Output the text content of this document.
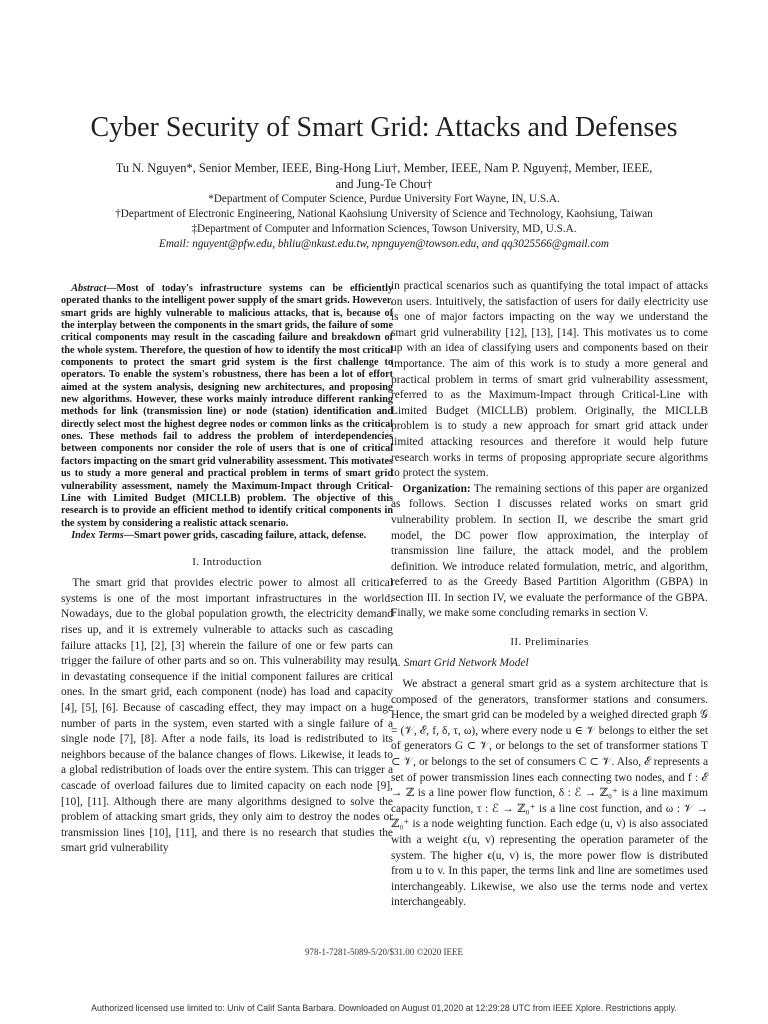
Cyber Security of Smart Grid: Attacks and Defenses
Tu N. Nguyen*, Senior Member, IEEE, Bing-Hong Liu†, Member, IEEE, Nam P. Nguyen‡, Member, IEEE,
and Jung-Te Chou†
*Department of Computer Science, Purdue University Fort Wayne, IN, U.S.A.
†Department of Electronic Engineering, National Kaohsiung University of Science and Technology, Kaohsiung, Taiwan
‡Department of Computer and Information Sciences, Towson University, MD, U.S.A.
Email: nguyent@pfw.edu, bhliu@nkust.edu.tw, npnguyen@towson.edu, and qq3025566@gmail.com

Abstract—Most of today's infrastructure systems can be efficiently operated thanks to the intelligent power supply of the smart grids. However, smart grids are highly vulnerable to malicious attacks, that is, because of the interplay between the components in the smart grids, the failure of some critical components may result in the cascading failure and breakdown of the whole system. Therefore, the question of how to identify the most critical components to protect the smart grid system is the first challenge to operators. To enable the system's robustness, there has been a lot of effort aimed at the system analysis, designing new architectures, and proposing new algorithms. However, these works mainly introduce different ranking methods for link (transmission line) or node (station) identification and directly select most the highest degree nodes or common links as the critical ones. These methods fail to address the problem of interdependencies between components nor consider the role of users that is one of critical factors impacting on the smart grid vulnerability assessment. This motivates us to study a more general and practical problem in terms of smart grid vulnerability assessment, namely the Maximum-Impact through Critical-Line with Limited Budget (MICLLB) problem. The objective of this research is to provide an efficient method to identify critical components in the system by considering a realistic attack scenario.

Index Terms—Smart power grids, cascading failure, attack, defense.

I. Introduction

The smart grid that provides electric power to almost all critical systems is one of the most important infrastructures in the world. Nowadays, due to the global population growth, the electricity demand rises up, and it is extremely vulnerable to attacks such as cascading failure attacks [1], [2], [3] wherein the failure of one or few parts can trigger the failure of other parts and so on. This vulnerability may result in devastating consequence if the initial component failures are critical ones. In the smart grid, each component (node) has load and capacity [4], [5], [6]. Because of cascading effect, they may impact on a huge number of parts in the system, even started with a single failure of a single node [7], [8]. After a node fails, its load is redistributed to its neighbors because of the balance changes of flows. Likewise, it leads to a global redistribution of loads over the entire system. This can trigger a cascade of overload failures due to limited capacity on each node [9], [10], [11]. Although there are many algorithms designed to solve the problem of attacking smart grids, they only aim to destroy the nodes or transmission lines [10], [11], and there is no research that studies the smart grid vulnerability

in practical scenarios such as quantifying the total impact of attacks on users. Intuitively, the satisfaction of users for daily electricity use is one of major factors impacting on the way we understand the smart grid vulnerability [12], [13], [14]. This motivates us to come up with an idea of classifying users and components based on their importance. The aim of this work is to study a more general and practical problem in terms of smart grid vulnerability assessment, referred to as the Maximum-Impact through Critical-Line with Limited Budget (MICLLB) problem. Originally, the MICLLB problem is to study a new approach for smart grid attack under limited attacking resources and therefore it would help future research works in terms of proposing appropriate secure algorithms to protect the system.

Organization: The remaining sections of this paper are organized as follows. Section I discusses related works on smart grid vulnerability problem. In section II, we describe the smart grid model, the DC power flow approximation, the interplay of transmission line failure, the attack model, and the problem definition. We introduce related formulation, metric, and algorithm, referred to as the Greedy Based Partition Algorithm (GBPA) in section III. In section IV, we evaluate the performance of the GBPA. Finally, we make some concluding remarks in section V.

II. Preliminaries
A. Smart Grid Network Model

We abstract a general smart grid as a system architecture that is composed of the generators, transformer stations and consumers. Hence, the smart grid can be modeled by a weighed directed graph 𝒢 = (𝒱, ℰ, f, δ, τ, ω), where every node u ∈ 𝒱 belongs to either the set of generators G ⊂ 𝒱, or belongs to the set of transformer stations T ⊂ 𝒱, or belongs to the set of consumers C ⊂ 𝒱. Also, ℰ represents a set of power transmission lines each connecting two nodes, and f : ℰ → ℤ is a line power flow function, δ : ℰ → ℤ₀⁺ is a line maximum capacity function, τ : ℰ → ℤ₀⁺ is a line cost function, and ω : 𝒱 → ℤ₀⁺ is a node weighting function. Each edge (u, v) is also associated with a weight ϵ(u, v) representing the operation parameter of the system. The higher ϵ(u, v) is, the more power flow is distributed from u to v. In this paper, the terms link and line are sometimes used interchangeably. Likewise, we also use the terms node and vertex interchangeably.

978-1-7281-5089-5/20/$31.00 ©2020 IEEE
Authorized licensed use limited to: Univ of Calif Santa Barbara. Downloaded on August 01,2020 at 12:29:28 UTC from IEEE Xplore. Restrictions apply.
